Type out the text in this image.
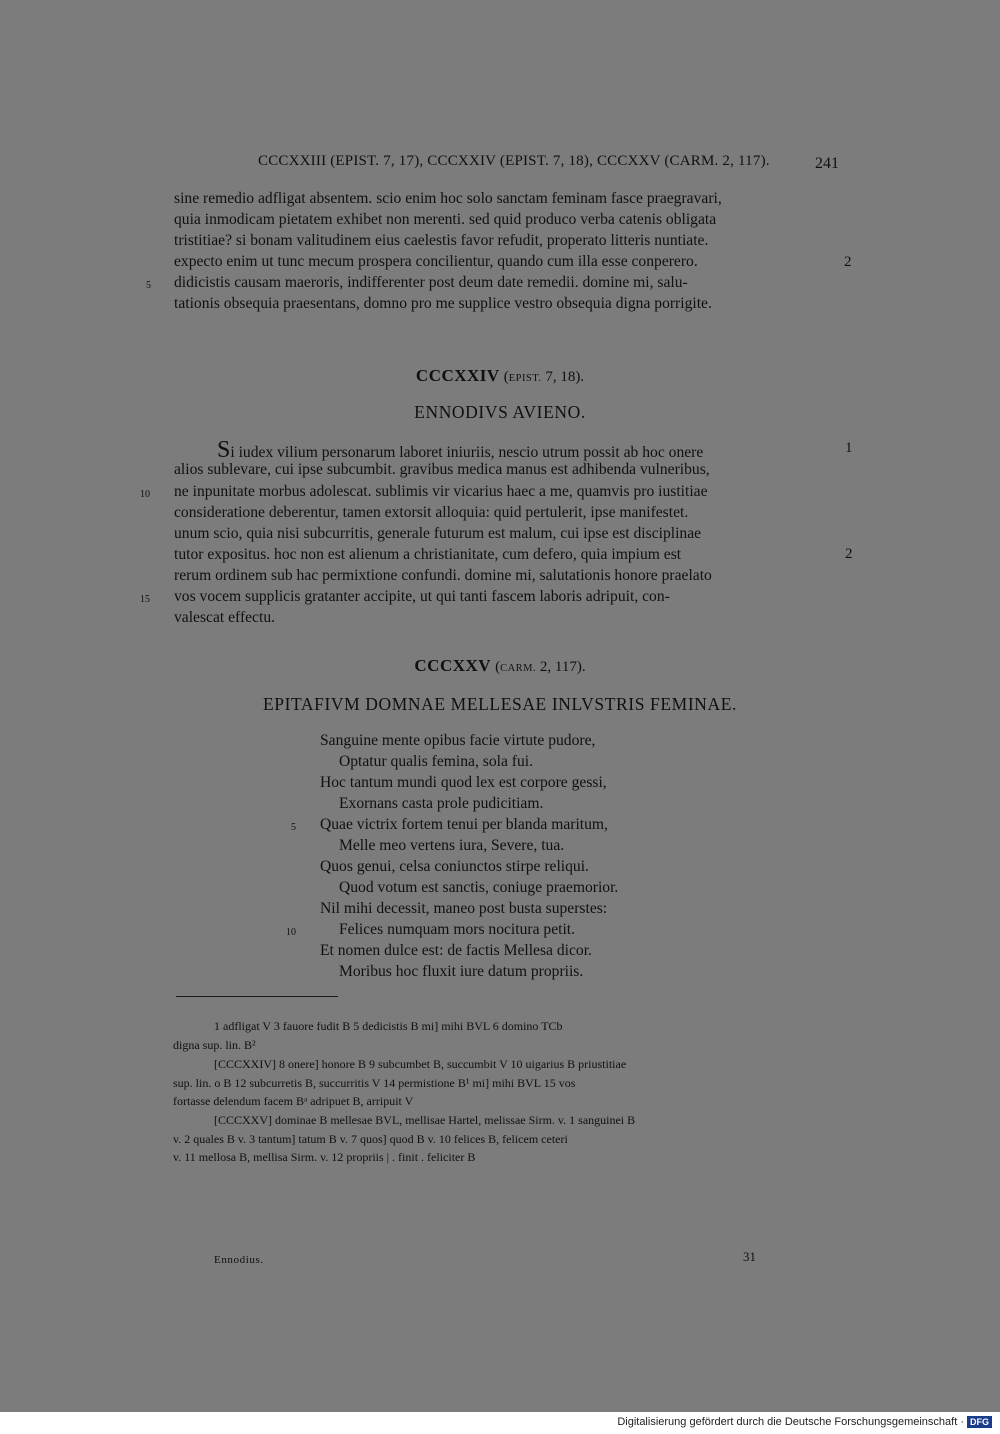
CCCXXIII (EPIST. 7, 17), CCCXXIV (EPIST. 7, 18), CCCXXV (CARM. 2, 117).	241
sine remedio adfligat absentem. scio enim hoc solo sanctam feminam fasce praegravari,
quia inmodicam pietatem exhibet non merenti. sed quid produco verba catenis obligata
tristitiae? si bonam valitudinem eius caelestis favor refudit, properato litteris nuntiate.
expecto enim ut tunc mecum prospera concilientur, quando cum illa esse conperero.
didicistis causam maeroris, indifferenter post deum date remedii. domine mi, salu-
tationis obsequia praesentans, domno pro me supplice vestro obsequia digna porrigite.
2
5
CCCXXIV (EPIST. 7, 18).
ENNODIVS AVIENO.
Si iudex vilium personarum laboret iniuriis, nescio utrum possit ab hoc onere
alios sublevare, cui ipse subcumbit. gravibus medica manus est adhibenda vulneribus,
ne inpunitate morbus adolescat. sublimis vir vicarius haec a me, quamvis pro iustitiae
consideratione deberentur, tamen extorsit alloquia: quid pertulerit, ipse manifestet.
unum scio, quia nisi subcurritis, generale futurum est malum, cui ipse est disciplinae
tutor expositus. hoc non est alienum a christianitate, cum defero, quia impium est
rerum ordinem sub hac permixtione confundi. domine mi, salutationis honore praelato
vos vocem supplicis gratanter accipite, ut qui tanti fascem laboris adripuit, con-
valescat effectu.
1
2
10
15
CCCXXV (CARM. 2, 117).
EPITAFIVM DOMNAE MELLESAE INLVSTRIS FEMINAE.
Sanguine mente opibus facie virtute pudore,
Optatur qualis femina, sola fui.
Hoc tantum mundi quod lex est corpore gessi,
Exornans casta prole pudicitiam.
Quae victrix fortem tenui per blanda maritum,
Melle meo vertens iura, Severe, tua.
Quos genui, celsa coniunctos stirpe reliqui.
Quod votum est sanctis, coniuge praemorior.
Nil mihi decessit, maneo post busta superstes:
Felices numquam mors nocitura petit.
Et nomen dulce est: de factis Mellesa dicor.
Moribus hoc fluxit iure datum propriis.
5
10
1 adfligat V 3 fauore fudit B 5 dedicistis B mi] mihi BVL 6 domino TCb
digna sup. lin. B²
[CCCXXIV] 8 onere] honore B 9 subcumbet B, succumbit V 10 uigarius B priustitiae
sup. lin. o B 12 subcurretis B, succurritis V 14 permistione B¹ mi] mihi BVL 15 vos
fortasse delendum facem Bᵃ adripuet B, arripuit V
[CCCXXV] dominae B mellesae BVL, mellisae Hartel, melissae Sirm. v. 1 sanguinei B
v. 2 quales B v. 3 tantum] tatum B v. 7 quos] quod B v. 10 felices B, felicem ceteri
v. 11 mellosa B, mellisa Sirm. v. 12 propriis | . finit . feliciter B
Ennodius.	31
Digitalisierung gefördert durch die Deutsche Forschungsgemeinschaft · DFG
